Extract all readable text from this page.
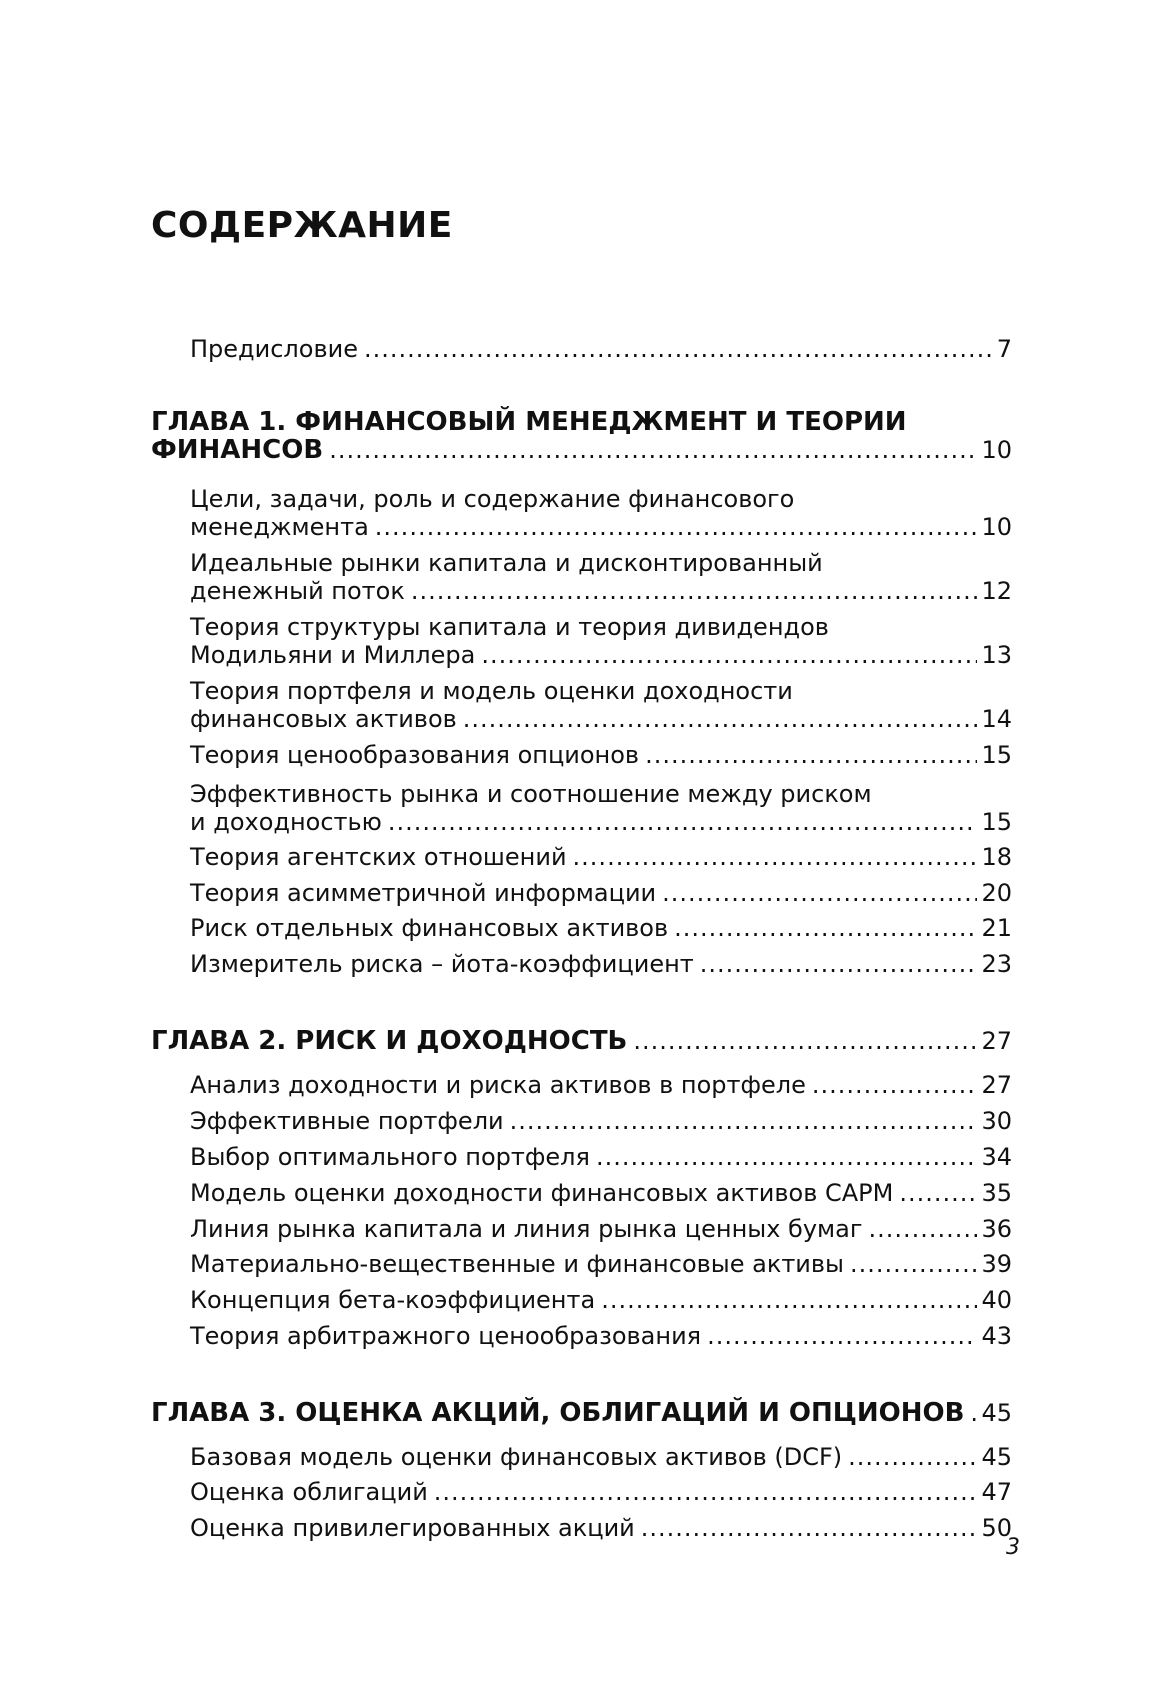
СОДЕРЖАНИЕ
Предисловие .....	7
ГЛАВА 1. ФИНАНСОВЫЙ МЕНЕДЖМЕНТ И ТЕОРИИ
ФИНАНСОВ .....	10
Цели, задачи, роль и содержание финансового
менеджмента .....	10
Идеальные рынки капитала и дисконтированный
денежный поток .....	12
Теория структуры капитала и теория дивидендов
Модильяни и Миллера .....	13
Теория портфеля и модель оценки доходности
финансовых активов .....	14
Теория ценообразования опционов .....	15
Эффективность рынка и соотношение между риском
и доходностью .....	15
Теория агентских отношений .....	18
Теория асимметричной информации .....	20
Риск отдельных финансовых активов .....	21
Измеритель риска – йота-коэффициент .....	23
ГЛАВА 2. РИСК И ДОХОДНОСТЬ .....	27
Анализ доходности и риска активов в портфеле .....	27
Эффективные портфели .....	30
Выбор оптимального портфеля .....	34
Модель оценки доходности финансовых активов CAPM .....	35
Линия рынка капитала и линия рынка ценных бумаг .....	36
Материально-вещественные и финансовые активы .....	39
Концепция бета-коэффициента .....	40
Теория арбитражного ценообразования .....	43
ГЛАВА 3. ОЦЕНКА АКЦИЙ, ОБЛИГАЦИЙ И ОПЦИОНОВ ..... 45
Базовая модель оценки финансовых активов (DCF) .....	45
Оценка облигаций .....	47
Оценка привилегированных акций .....	50
3
